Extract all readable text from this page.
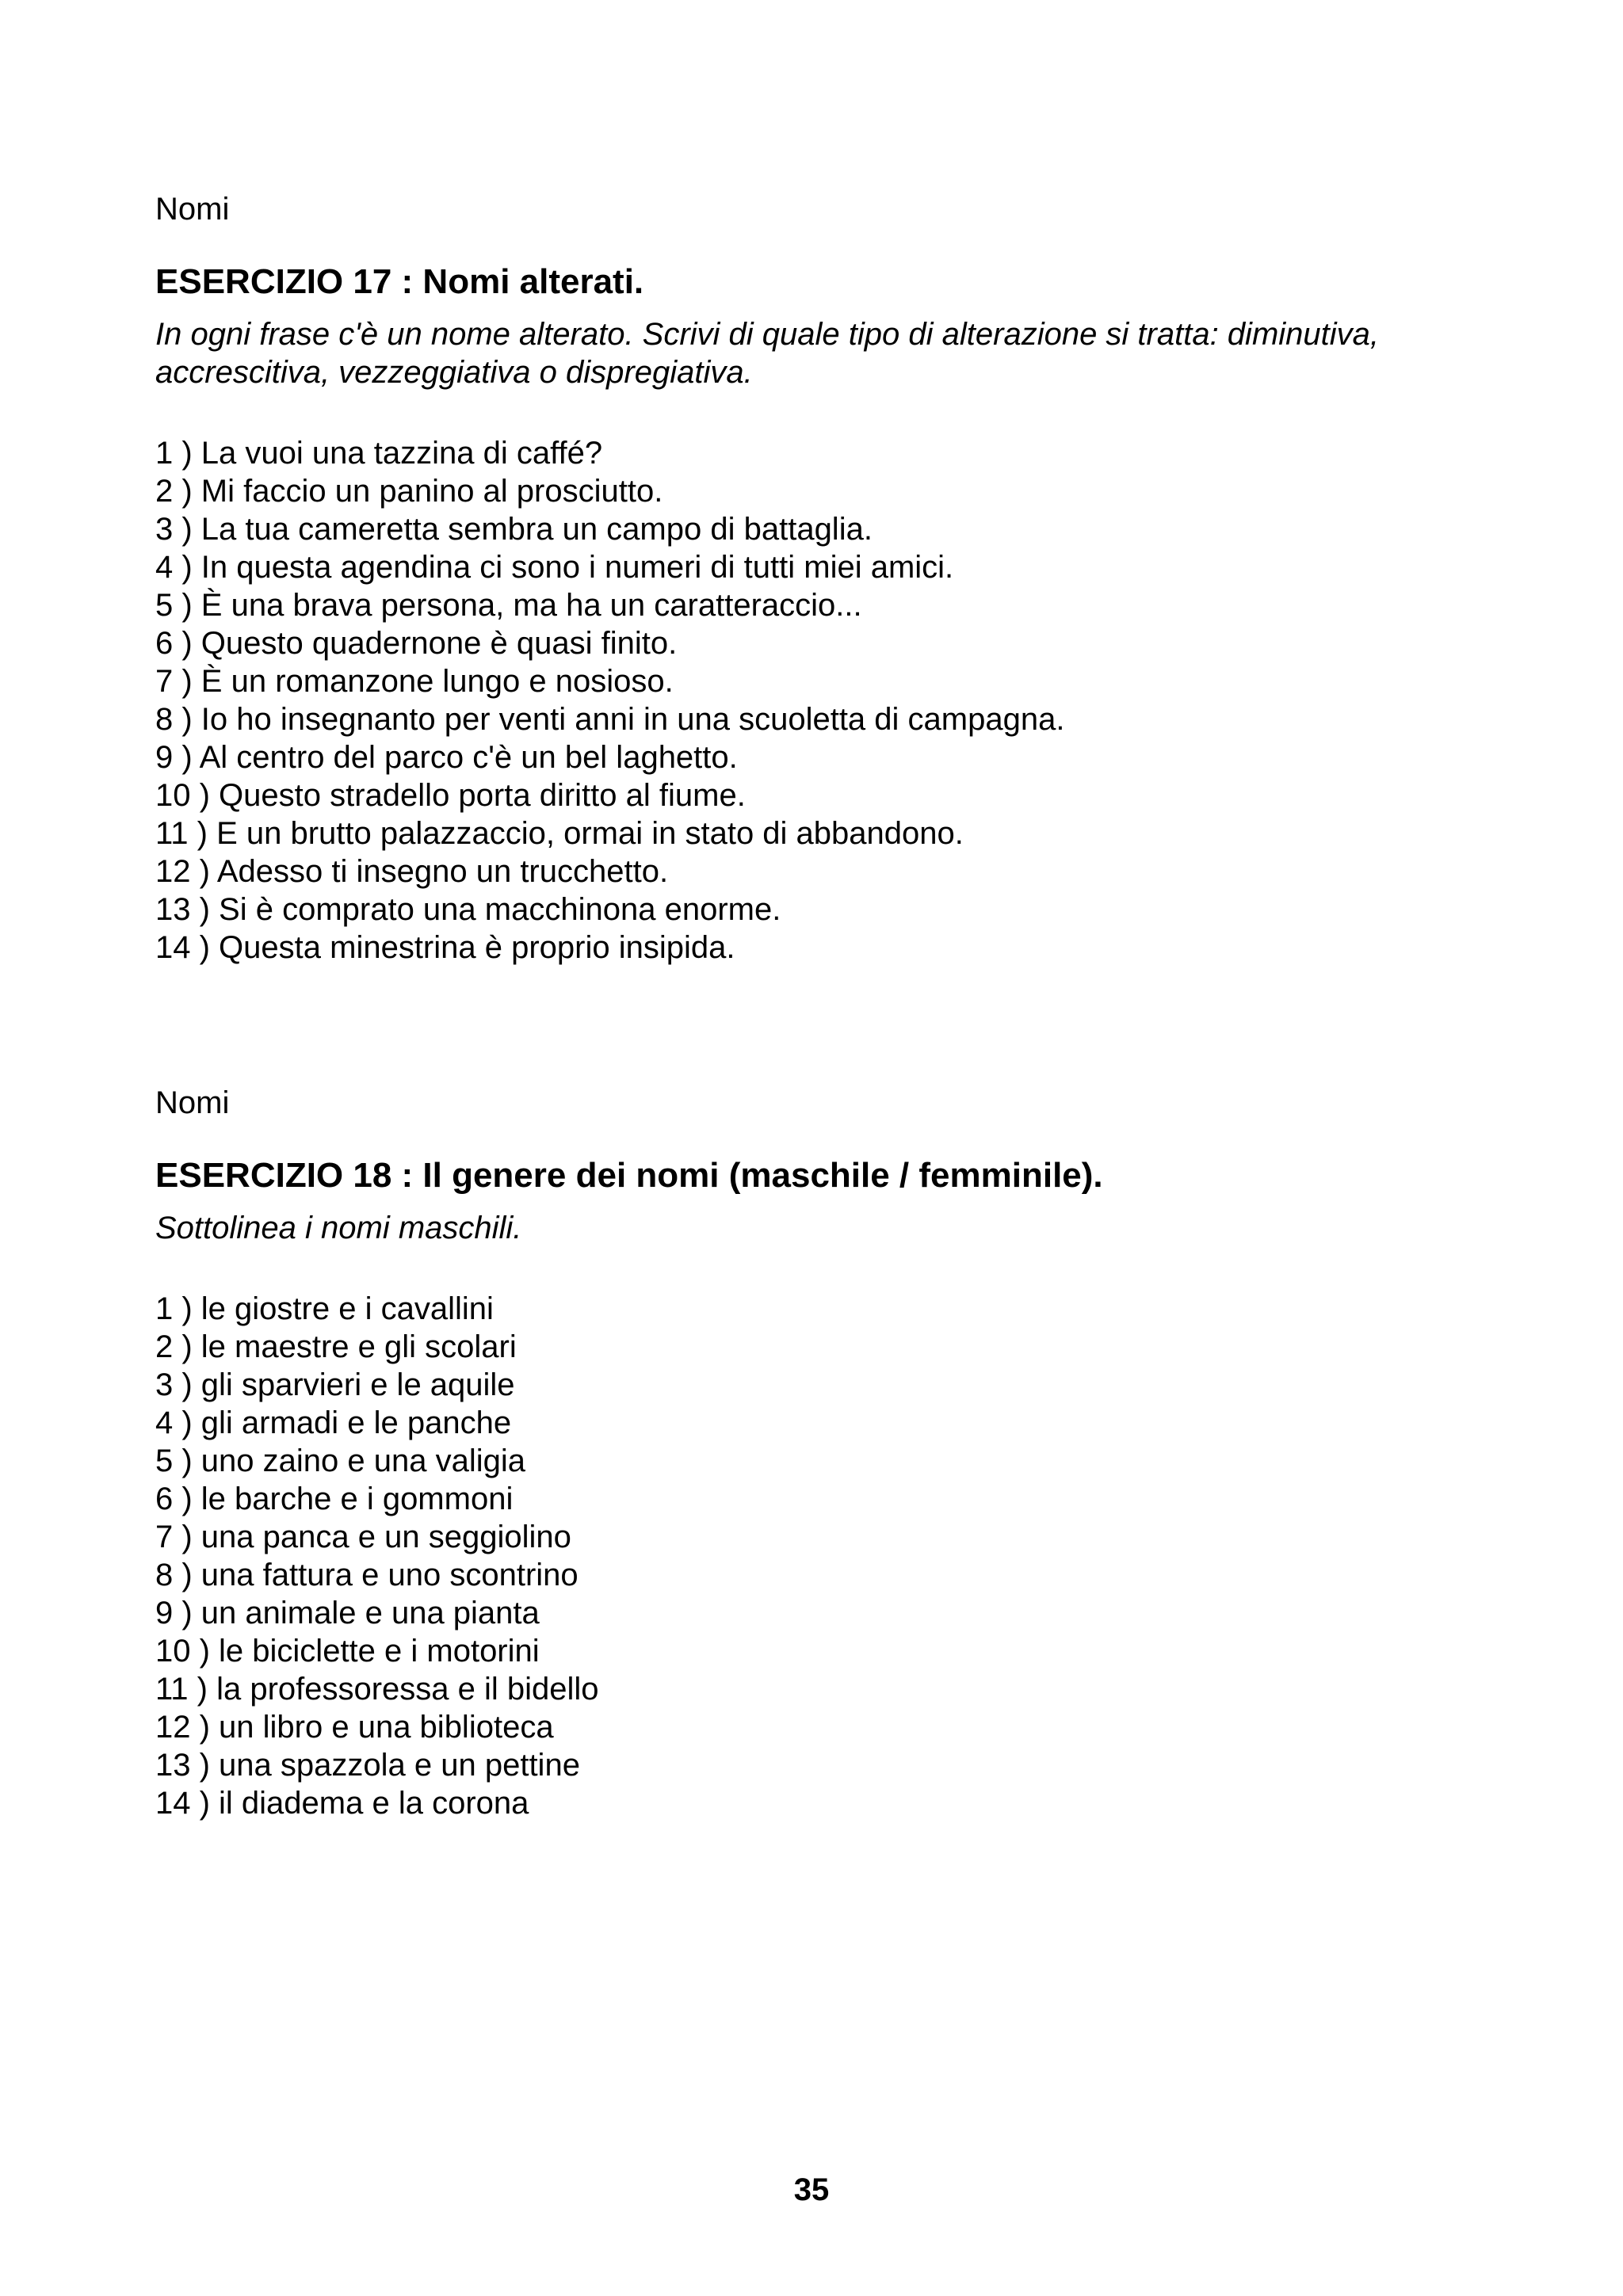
Nomi

ESERCIZIO 17 : Nomi alterati.

In ogni frase c'è un nome alterato. Scrivi di quale tipo di alterazione si tratta: diminutiva, accrescitiva, vezzeggiativa o dispregiativa.

1 ) La vuoi una tazzina di caffé?
2 ) Mi faccio un panino al prosciutto.
3 ) La tua cameretta sembra un campo di battaglia.
4 ) In questa agendina ci sono i numeri di tutti miei amici.
5 ) È una brava persona, ma ha un caratteraccio...
6 ) Questo quadernone è quasi finito.
7 ) È un romanzone lungo e nosioso.
8 ) Io ho insegnanto per venti anni in una scuoletta di campagna.
9 ) Al centro del parco c'è un bel laghetto.
10 ) Questo stradello porta diritto al fiume.
11 ) E un brutto palazzaccio, ormai in stato di abbandono.
12 ) Adesso ti insegno un trucchetto.
13 ) Si è comprato una macchinona enorme.
14 ) Questa minestrina è proprio insipida.

Nomi

ESERCIZIO 18 : Il genere dei nomi (maschile / femminile).

Sottolinea i nomi maschili.

1 ) le giostre e i cavallini
2 ) le maestre e gli scolari
3 ) gli sparvieri e le aquile
4 ) gli armadi e le panche
5 ) uno zaino e una valigia
6 ) le barche e i gommoni
7 ) una panca e un seggiolino
8 ) una fattura e uno scontrino
9 ) un animale e una pianta
10 ) le biciclette e i motorini
11 ) la professoressa e il bidello
12 ) un libro e una biblioteca
13 ) una spazzola e un pettine
14 ) il diadema e la corona
35
